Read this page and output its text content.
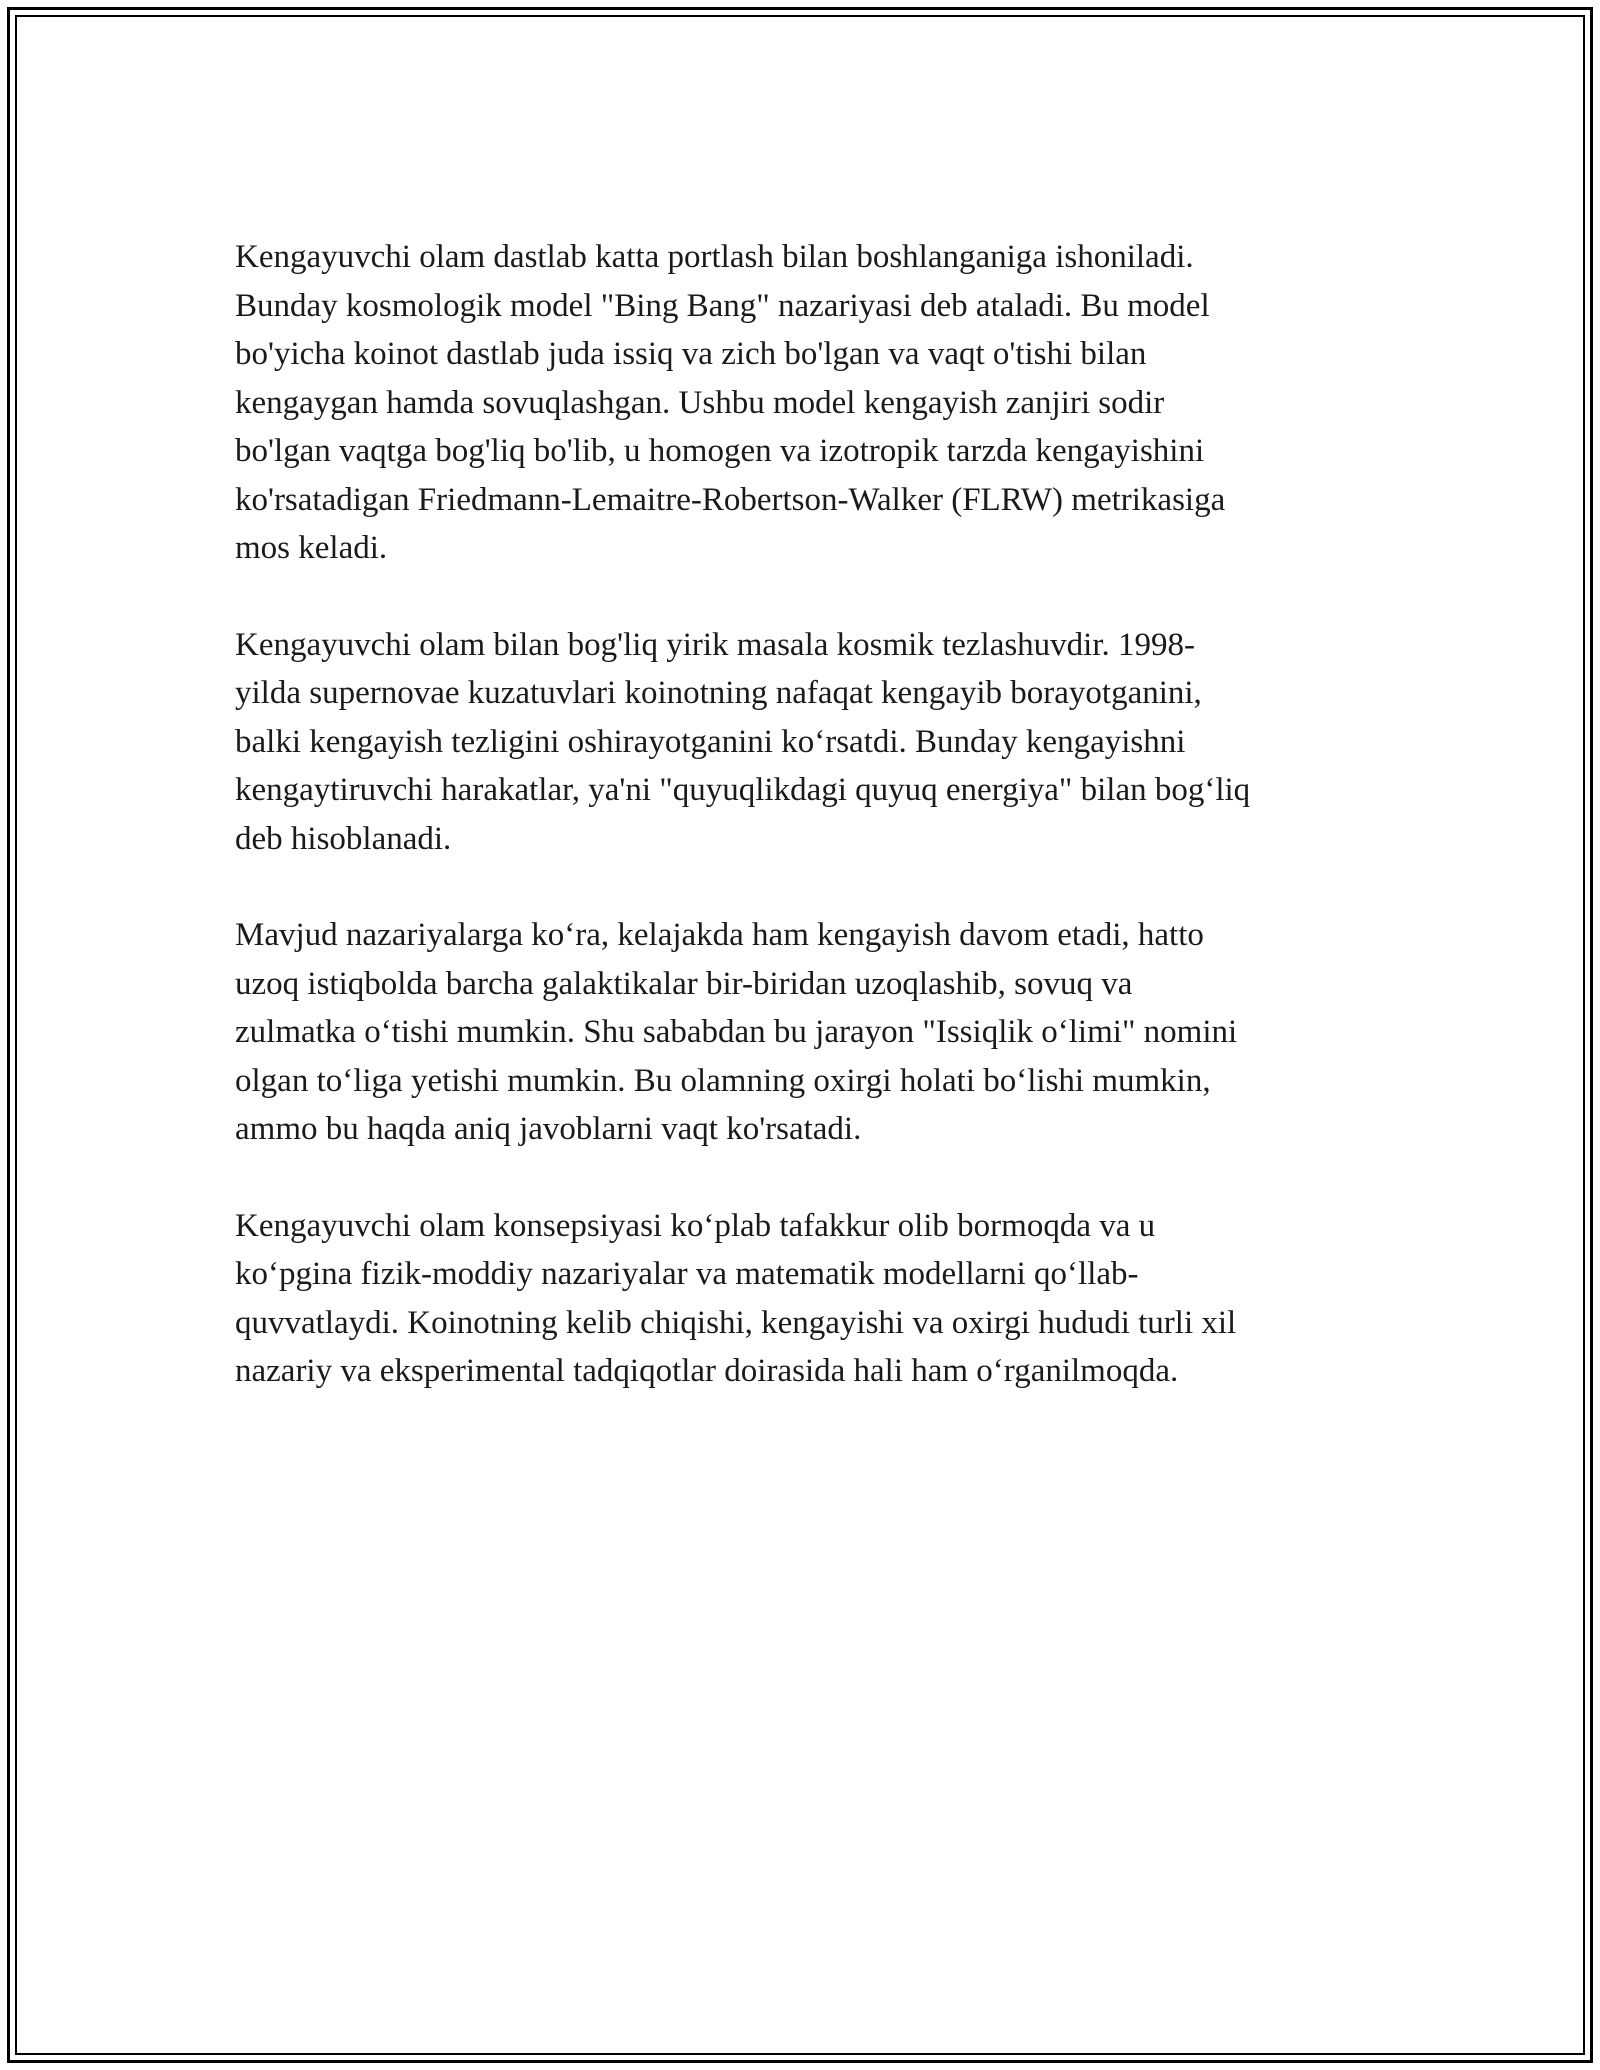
Kengayuvchi olam dastlab katta portlash bilan boshlanganiga ishoniladi.
Bunday kosmologik model "Bing Bang" nazariyasi deb ataladi. Bu model
bo'yicha koinot dastlab juda issiq va zich bo'lgan va vaqt o'tishi bilan
kengaygan hamda sovuqlashgan. Ushbu model kengayish zanjiri sodir
bo'lgan vaqtga bog'liq bo'lib, u homogen va izotropik tarzda kengayishini
ko'rsatadigan Friedmann-Lemaitre-Robertson-Walker (FLRW) metrikasiga
mos keladi.

Kengayuvchi olam bilan bog'liq yirik masala kosmik tezlashuvdir. 1998-
yilda supernovae kuzatuvlari koinotning nafaqat kengayib borayotganini,
balki kengayish tezligini oshirayotganini koʻrsatdi. Bunday kengayishni
kengaytiruvchi harakatlar, ya'ni "quyuqlikdagi quyuq energiya" bilan bogʻliq
deb hisoblanadi.

Mavjud nazariyalarga koʻra, kelajakda ham kengayish davom etadi, hatto
uzoq istiqbolda barcha galaktikalar bir-biridan uzoqlashib, sovuq va
zulmatka oʻtishi mumkin. Shu sababdan bu jarayon "Issiqlik oʻlimi" nomini
olgan toʻliga yetishi mumkin. Bu olamning oxirgi holati boʻlishi mumkin,
ammo bu haqda aniq javoblarni vaqt ko'rsatadi.

Kengayuvchi olam konsepsiyasi koʻplab tafakkur olib bormoqda va u
koʻpgina fizik-moddiy nazariyalar va matematik modellarni qoʻllab-
quvvatlaydi. Koinotning kelib chiqishi, kengayishi va oxirgi hududi turli xil
nazariy va eksperimental tadqiqotlar doirasida hali ham oʻrganilmoqda.
